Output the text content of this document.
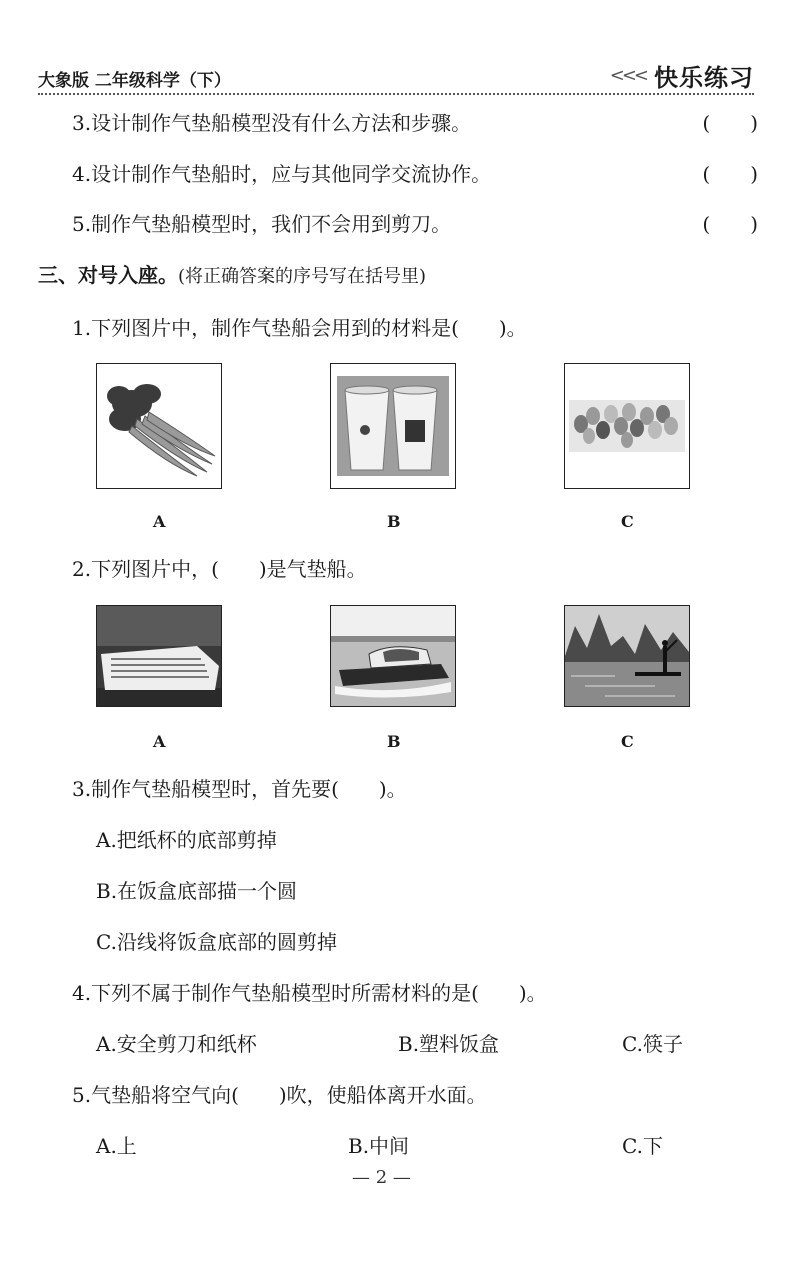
大象版 二年级科学（下）	<<< 快乐练习
3.设计制作气垫船模型没有什么方法和步骤。	(　　)
4.设计制作气垫船时，应与其他同学交流协作。	(　　)
5.制作气垫船模型时，我们不会用到剪刀。	(　　)
三、对号入座。(将正确答案的序号写在括号里)
1.下列图片中，制作气垫船会用到的材料是(　　)。
A	B	C
2.下列图片中，(　　)是气垫船。
A	B	C
3.制作气垫船模型时，首先要(　　)。
A.把纸杯的底部剪掉
B.在饭盒底部描一个圆
C.沿线将饭盒底部的圆剪掉
4.下列不属于制作气垫船模型时所需材料的是(　　)。
A.安全剪刀和纸杯	B.塑料饭盒	C.筷子
5.气垫船将空气向(　　)吹，使船体离开水面。
A.上	B.中间	C.下
— 2 —
